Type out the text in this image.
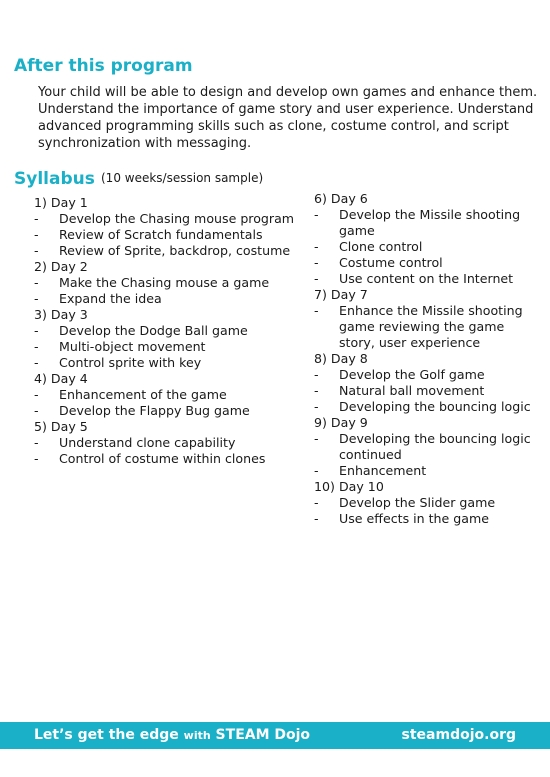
After this program

Your child will be able to design and develop own games and enhance them. Understand the importance of game story and user experience. Understand advanced programming skills such as clone, costume control, and script synchronization with messaging.

Syllabus (10 weeks/session sample)

1) Day 1

-	Develop the Chasing mouse program
-	Review of Scratch fundamentals
-	Review of Sprite, backdrop, costume

2) Day 2

-	Make the Chasing mouse a game
-	Expand the idea

3) Day 3

-	Develop the Dodge Ball game
-	Multi-object movement
-	Control sprite with key

4) Day 4

-	Enhancement of the game
-	Develop the Flappy Bug game

5) Day 5

-	Understand clone capability
-	Control of costume within clones

6) Day 6

-	Develop the Missile shooting game
-	Clone control
-	Costume control
-	Use content on the Internet

7) Day 7

-	Enhance the Missile shooting game reviewing the game story, user experience

8) Day 8

-	Develop the Golf game
-	Natural ball movement
-	Developing the bouncing logic

9) Day 9

-	Developing the bouncing logic continued
-	Enhancement

10) Day 10

-	Develop the Slider game
-	Use effects in the game
Let’s get the edge with STEAM Dojo	steamdojo.org
